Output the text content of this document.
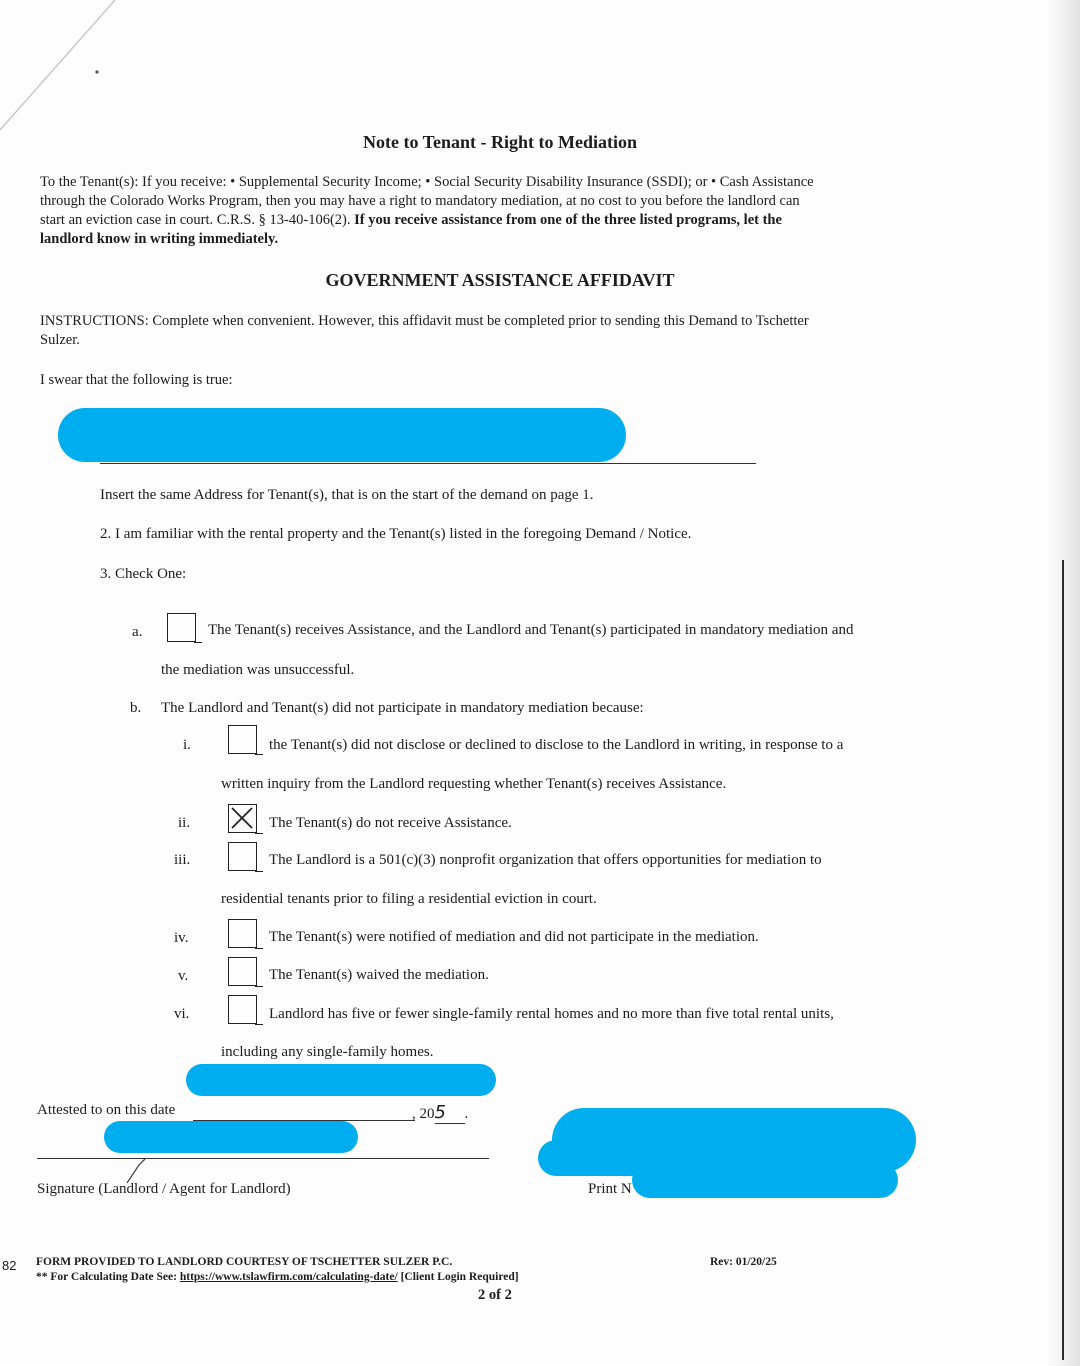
Note to Tenant - Right to Mediation
To the Tenant(s): If you receive: • Supplemental Security Income; • Social Security Disability Insurance (SSDI); or • Cash Assistance
through the Colorado Works Program, then you may have a right to mandatory mediation, at no cost to you before the landlord can
start an eviction case in court. C.R.S. § 13-40-106(2). If you receive assistance from one of the three listed programs, let the
landlord know in writing immediately.
GOVERNMENT ASSISTANCE AFFIDAVIT
INSTRUCTIONS: Complete when convenient. However, this affidavit must be completed prior to sending this Demand to Tschetter
Sulzer.
I swear that the following is true:
Insert the same Address for Tenant(s), that is on the start of the demand on page 1.
2. I am familiar with the rental property and the Tenant(s) listed in the foregoing Demand / Notice.
3. Check One:
a.	The Tenant(s) receives Assistance, and the Landlord and Tenant(s) participated in mandatory mediation and
the mediation was unsuccessful.
b. The Landlord and Tenant(s) did not participate in mandatory mediation because:
i.	the Tenant(s) did not disclose or declined to disclose to the Landlord in writing, in response to a
written inquiry from the Landlord requesting whether Tenant(s) receives Assistance.
ii.	The Tenant(s) do not receive Assistance.
iii.	The Landlord is a 501(c)(3) nonprofit organization that offers opportunities for mediation to
residential tenants prior to filing a residential eviction in court.
iv.	The Tenant(s) were notified of mediation and did not participate in the mediation.
v.	The Tenant(s) waived the mediation.
vi.	Landlord has five or fewer single-family rental homes and no more than five total rental units,
including any single-family homes.
Attested to on this date	, 205 .
Signature (Landlord / Agent for Landlord)	Print N
82 FORM PROVIDED TO LANDLORD COURTESY OF TSCHETTER SULZER P.C.
** For Calculating Date See: https://www.tslawfirm.com/calculating-date/ [Client Login Required]
Rev: 01/20/25
2 of 2
